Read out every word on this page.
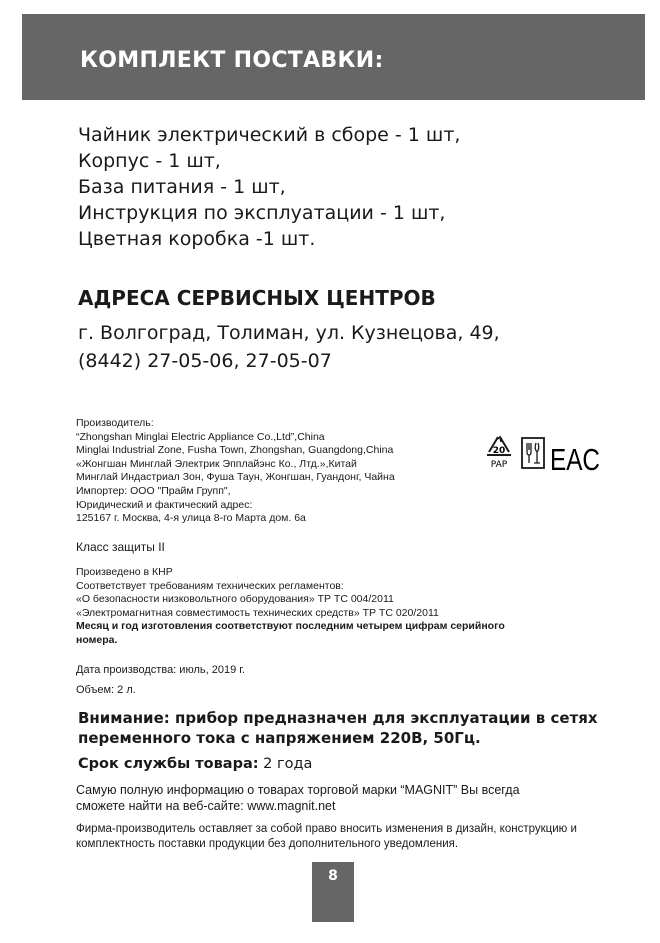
КОМПЛЕКТ ПОСТАВКИ:
Чайник электрический в сборе - 1 шт,
Корпус - 1 шт,
База питания - 1 шт,
Инструкция по эксплуатации - 1 шт,
Цветная коробка -1 шт.
АДРЕСА СЕРВИСНЫХ ЦЕНТРОВ
г. Волгоград, Толиман, ул. Кузнецова, 49,
(8442) 27-05-06, 27-05-07
Производитель:
“Zhongshan Minglai Electric Appliance Co.,Ltd”,China
Minglai Industrial Zone, Fusha Town, Zhongshan, Guangdong,China
«Жонгшан Минглай Электрик Эпплайэнс Ко., Лтд.»,Китай
Минглай Индастриал Зон, Фуша Таун, Жонгшан, Гуандонг, Чайна
Импортер: ООО "Прайм Групп",
Юридический и фактический адрес:
125167 г. Москва, 4-я улица 8-го Марта дом. 6а
20
PAP EAC
Класс защиты II
Произведено в КНР
Соответствует требованиям технических регламентов:
«О безопасности низковольтного оборудования» ТР ТС 004/2011
«Электромагнитная совместимость технических средств» ТР ТС 020/2011
Месяц и год изготовления соответствуют последним четырем цифрам серийного
номера.
Дата производства: июль, 2019 г.
Объем: 2 л.
Внимание: прибор предназначен для эксплуатации в сетях
переменного тока с напряжением 220В, 50Гц.
Срок службы товара: 2 года
Самую полную информацию о товарах торговой марки “MAGNIT” Вы всегда
сможете найти на веб-сайте: www.magnit.net
Фирма-производитель оставляет за собой право вносить изменения в дизайн, конструкцию и
комплектность поставки продукции без дополнительного уведомления.
8
